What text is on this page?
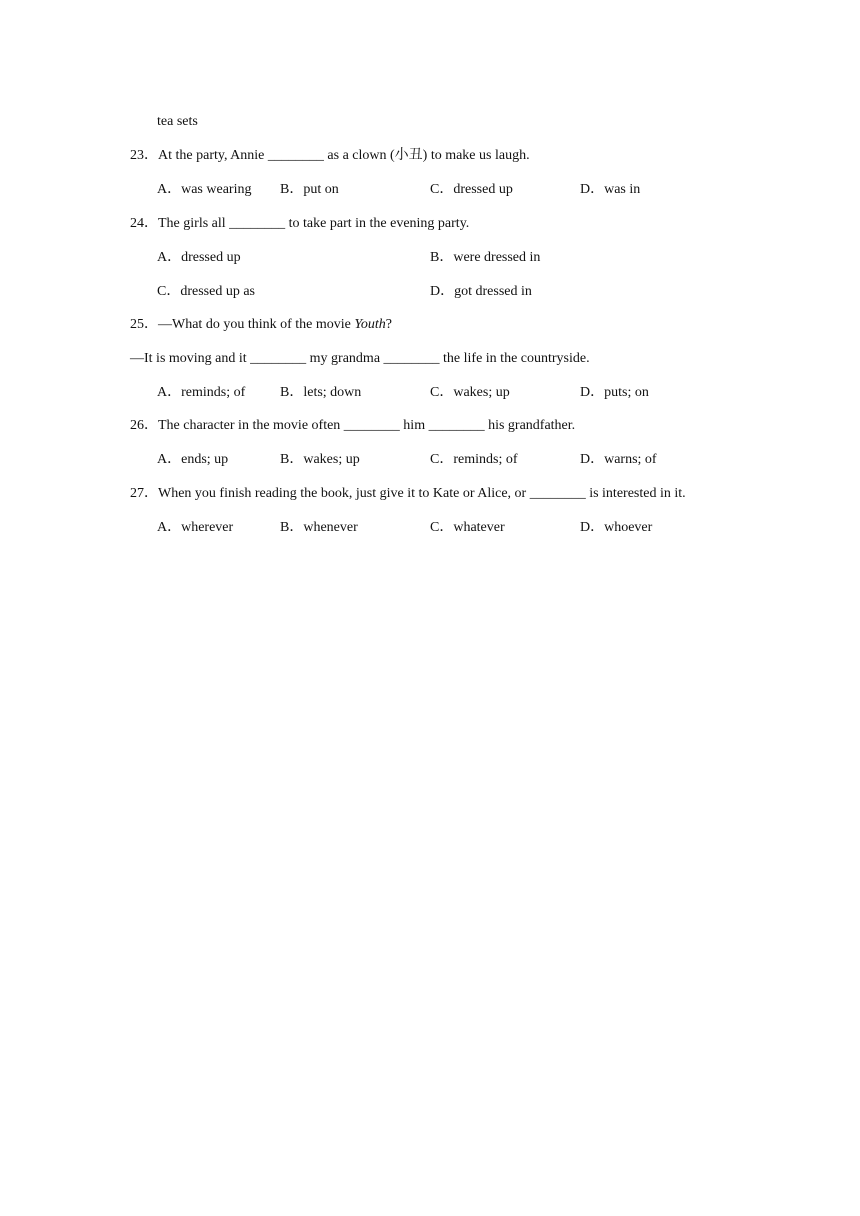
tea sets
23．At the party, Annie ________ as a clown (小丑) to make us laugh.
A．was wearing B．put on	C．dressed up	D．was in
24．The girls all ________ to take part in the evening party.
A．dressed up	B．were dressed in
C．dressed up as	D．got dressed in
25．—What do you think of the movie Youth?
—It is moving and it ________ my grandma ________ the life in the countryside.
A．reminds; of B．lets; down	C．wakes; up	D．puts; on
26．The character in the movie often ________ him ________ his grandfather.
A．ends; up	B．wakes; up	C．reminds; of	D．warns; of
27．When you finish reading the book, just give it to Kate or Alice, or ________ is interested in it.
A．wherever	B．whenever	C．whatever	D．whoever
